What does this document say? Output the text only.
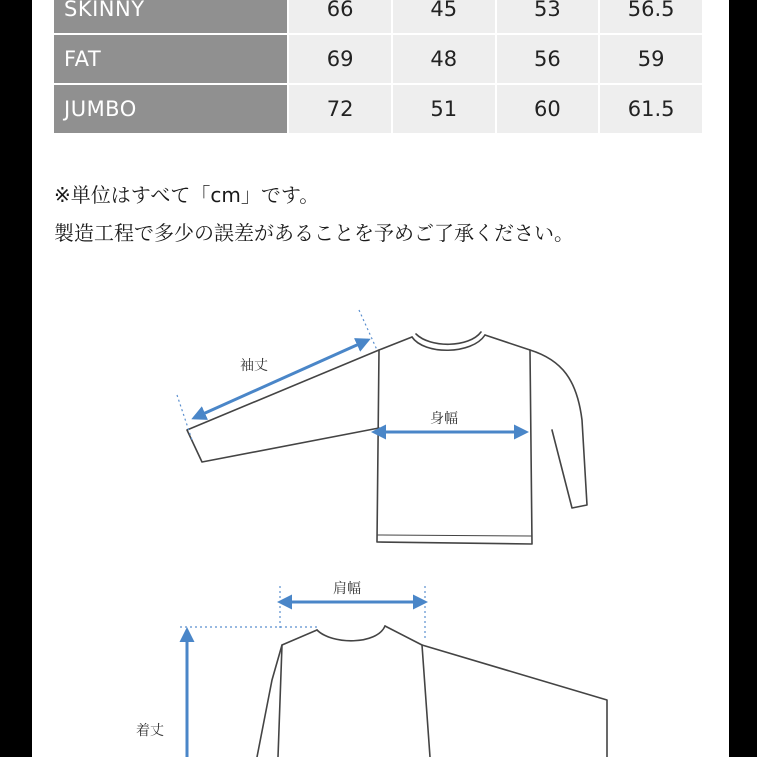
SKINNY	66	45	53	56.5
FAT	69	48	56	59
JUMBO	72	51	60	61.5
※単位はすべて「cm」です。
製造工程で多少の誤差があることを予めご了承ください。
袖丈
身幅
肩幅
着丈
